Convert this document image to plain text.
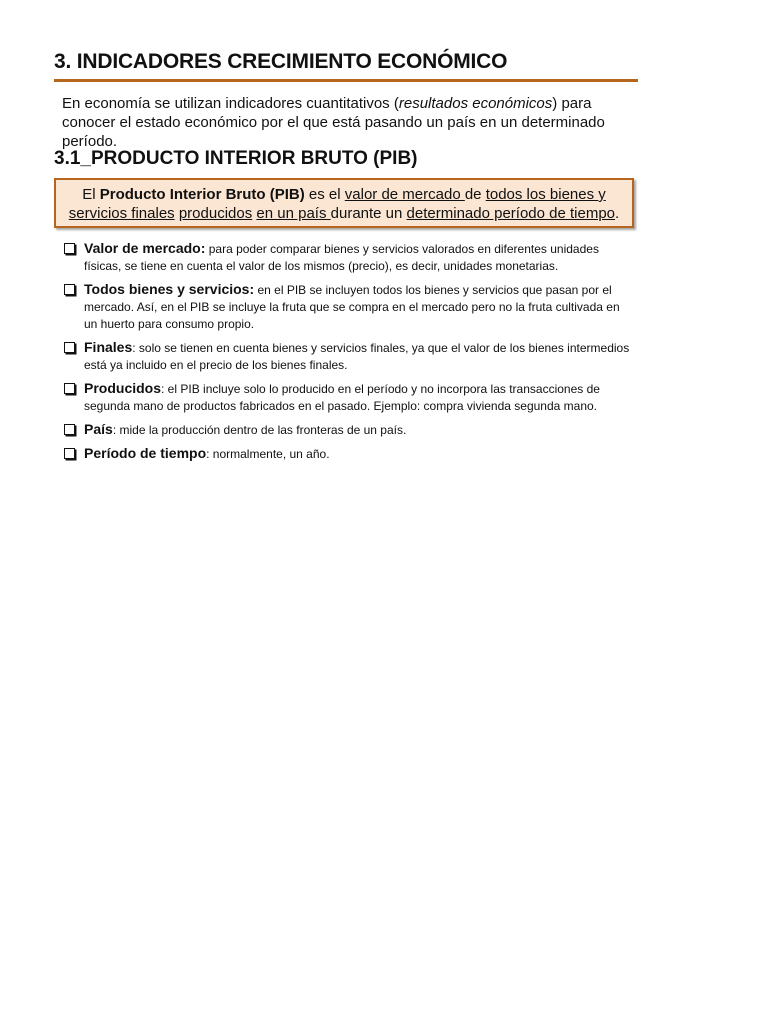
3. INDICADORES CRECIMIENTO ECONÓMICO

En economía se utilizan indicadores cuantitativos (resultados económicos) para conocer el estado económico por el que está pasando un país en un determinado período.

3.1_PRODUCTO INTERIOR BRUTO (PIB)
El Producto Interior Bruto (PIB) es el valor de mercado de todos los bienes y servicios finales producidos en un país durante un determinado período de tiempo.
Valor de mercado: para poder comparar bienes y servicios valorados en diferentes unidades físicas, se tiene en cuenta el valor de los mismos (precio), es decir, unidades monetarias.
Todos bienes y servicios: en el PIB se incluyen todos los bienes y servicios que pasan por el mercado. Así, en el PIB se incluye la fruta que se compra en el mercado pero no la fruta cultivada en un huerto para consumo propio.
Finales: solo se tienen en cuenta bienes y servicios finales, ya que el valor de los bienes intermedios está ya incluido en el precio de los bienes finales.
Producidos: el PIB incluye solo lo producido en el período y no incorpora las transacciones de segunda mano de productos fabricados en el pasado. Ejemplo: compra vivienda segunda mano.
País: mide la producción dentro de las fronteras de un país.
Período de tiempo: normalmente, un año.
